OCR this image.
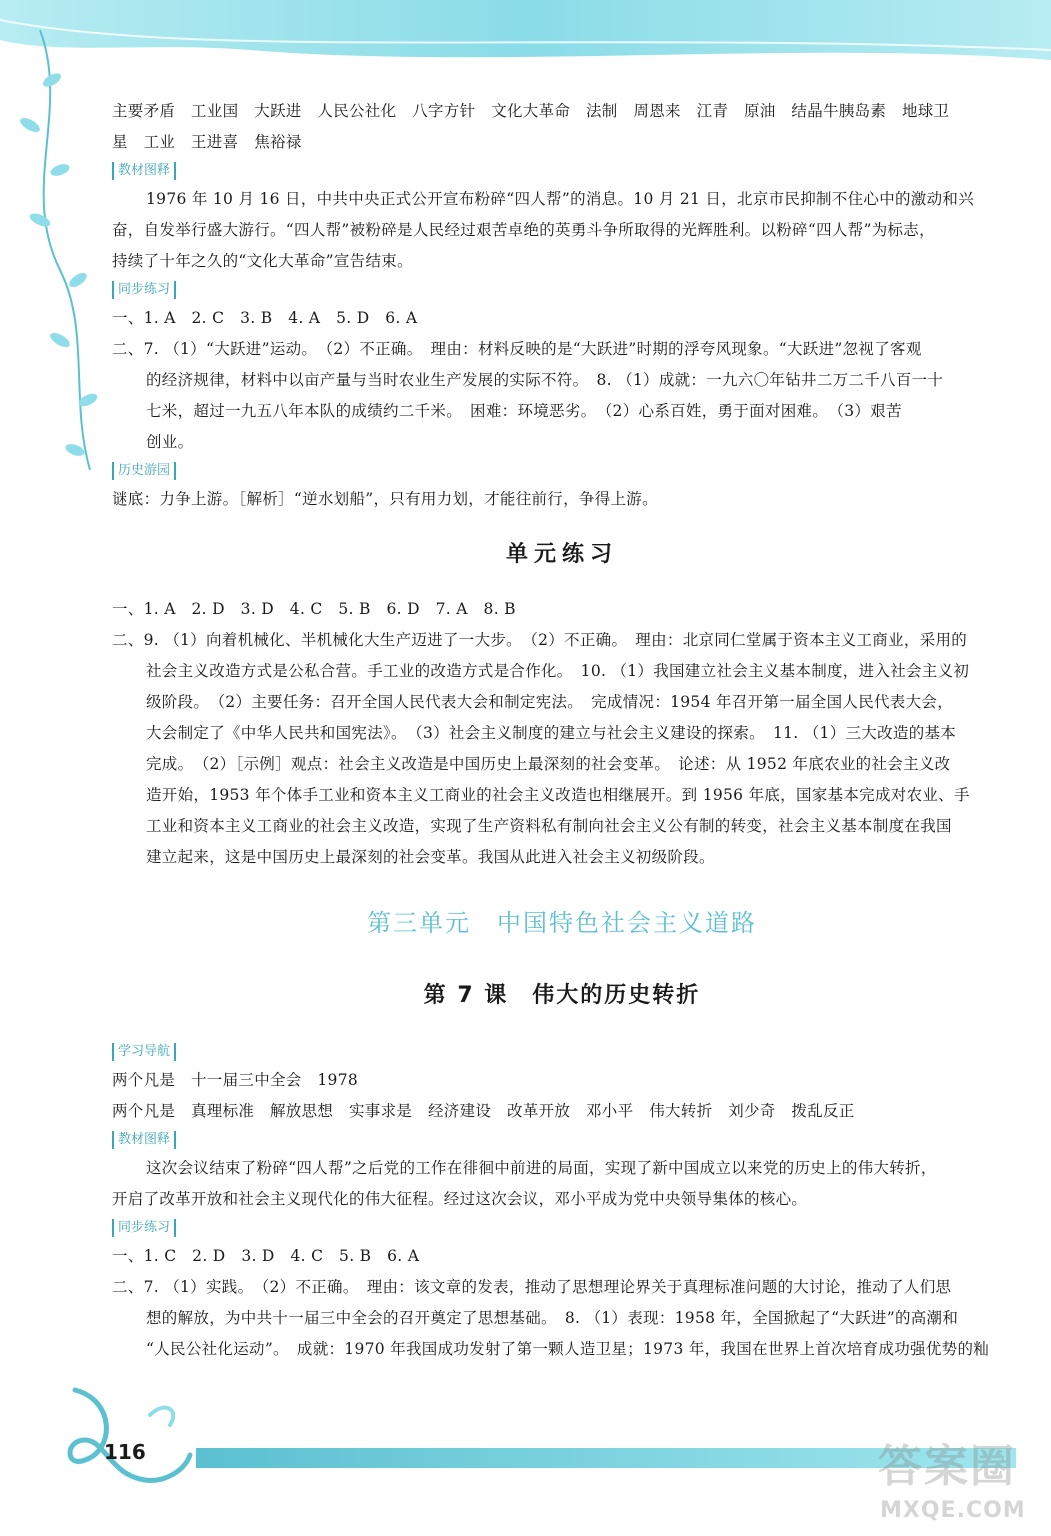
主要矛盾　工业国　大跃进　人民公社化　八字方针　文化大革命　法制　周恩来　江青　原油　结晶牛胰岛素　地球卫
星　工业　王进喜　焦裕禄
教材图释
1976 年 10 月 16 日，中共中央正式公开宣布粉碎“四人帮”的消息。10 月 21 日，北京市民抑制不住心中的激动和兴
奋，自发举行盛大游行。“四人帮”被粉碎是人民经过艰苦卓绝的英勇斗争所取得的光辉胜利。以粉碎“四人帮”为标志，
持续了十年之久的“文化大革命”宣告结束。
同步练习
一、1. A　2. C　3. B　4. A　5. D　6. A
二、7. （1）“大跃进”运动。　（2）不正确。　理由：材料反映的是“大跃进”时期的浮夸风现象。“大跃进”忽视了客观
的经济规律，材料中以亩产量与当时农业生产发展的实际不符。　8. （1）成就：一九六〇年钻井二万二千八百一十
七米，超过一九五八年本队的成绩约二千米。　困难：环境恶劣。　（2）心系百姓，勇于面对困难。　（3）艰苦
创业。
历史游园
谜底：力争上游。［解析］“逆水划船”，只有用力划，才能往前行，争得上游。
单元练习
一、1. A　2. D　3. D　4. C　5. B　6. D　7. A　8. B
二、9. （1）向着机械化、半机械化大生产迈进了一大步。　（2）不正确。　理由：北京同仁堂属于资本主义工商业，采用的
社会主义改造方式是公私合营。手工业的改造方式是合作化。　10. （1）我国建立社会主义基本制度，进入社会主义初
级阶段。　（2）主要任务：召开全国人民代表大会和制定宪法。　完成情况：1954 年召开第一届全国人民代表大会，
大会制定了《中华人民共和国宪法》。　（3）社会主义制度的建立与社会主义建设的探索。　11. （1）三大改造的基本
完成。　（2）［示例］观点：社会主义改造是中国历史上最深刻的社会变革。　论述：从 1952 年底农业的社会主义改
造开始，1953 年个体手工业和资本主义工商业的社会主义改造也相继展开。到 1956 年底，国家基本完成对农业、手
工业和资本主义工商业的社会主义改造，实现了生产资料私有制向社会主义公有制的转变，社会主义基本制度在我国
建立起来，这是中国历史上最深刻的社会变革。我国从此进入社会主义初级阶段。
第三单元　中国特色社会主义道路
第 7 课　伟大的历史转折
学习导航
两个凡是　十一届三中全会　1978
两个凡是　真理标准　解放思想　实事求是　经济建设　改革开放　邓小平　伟大转折　刘少奇　拨乱反正
教材图释
这次会议结束了粉碎“四人帮”之后党的工作在徘徊中前进的局面，实现了新中国成立以来党的历史上的伟大转折，
开启了改革开放和社会主义现代化的伟大征程。经过这次会议，邓小平成为党中央领导集体的核心。
同步练习
一、1. C　2. D　3. D　4. C　5. B　6. A
二、7. （1）实践。　（2）不正确。　理由：该文章的发表，推动了思想理论界关于真理标准问题的大讨论，推动了人们思
想的解放，为中共十一届三中全会的召开奠定了思想基础。　8. （1）表现：1958 年，全国掀起了“大跃进”的高潮和
“人民公社化运动”。　成就：1970 年我国成功发射了第一颗人造卫星；1973 年，我国在世界上首次培育成功强优势的籼
116	答案圈
MXQE.COM
